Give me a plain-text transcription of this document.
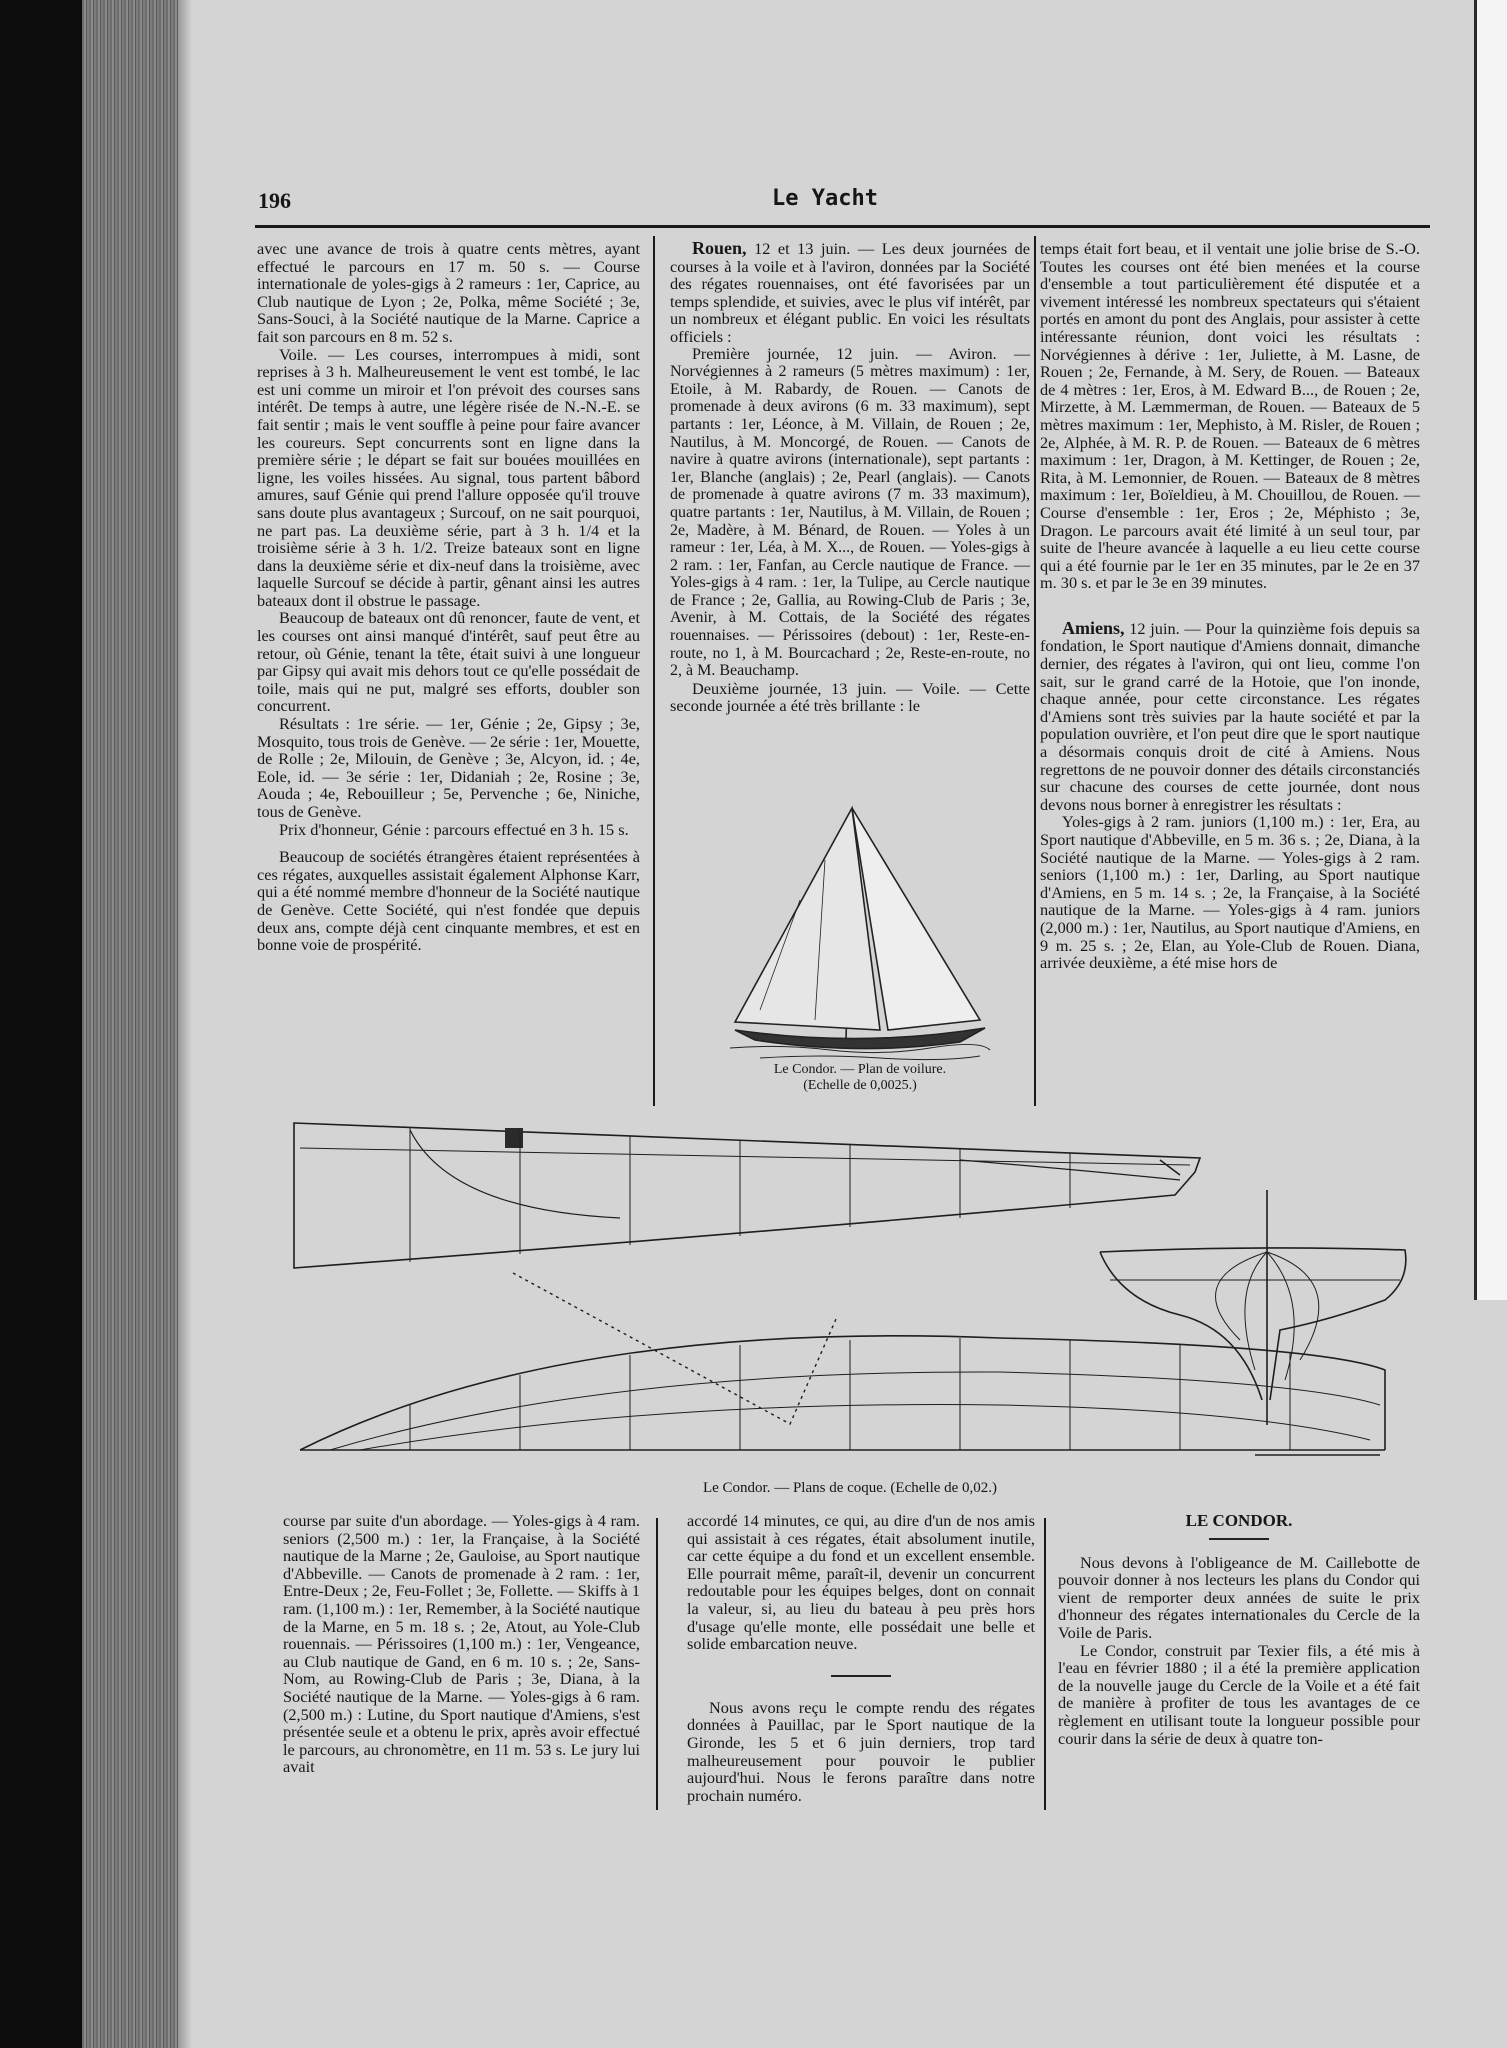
196	Le Yacht

avec une avance de trois à quatre cents mètres, ayant effectué le parcours en 17 m. 50 s. — Course internationale de yoles-gigs à 2 rameurs : 1er, Caprice, au Club nautique de Lyon ; 2e, Polka, même Société ; 3e, Sans-Souci, à la Société nautique de la Marne. Caprice a fait son parcours en 8 m. 52 s.

Voile. — Les courses, interrompues à midi, sont reprises à 3 h. Malheureusement le vent est tombé, le lac est uni comme un miroir et l'on prévoit des courses sans intérêt. De temps à autre, une légère risée de N.-N.-E. se fait sentir ; mais le vent souffle à peine pour faire avancer les coureurs. Sept concurrents sont en ligne dans la première série ; le départ se fait sur bouées mouillées en ligne, les voiles hissées. Au signal, tous partent bâbord amures, sauf Génie qui prend l'allure opposée qu'il trouve sans doute plus avantageux ; Surcouf, on ne sait pourquoi, ne part pas. La deuxième série, part à 3 h. 1/4 et la troisième série à 3 h. 1/2. Treize bateaux sont en ligne dans la deuxième série et dix-neuf dans la troisième, avec laquelle Surcouf se décide à partir, gênant ainsi les autres bateaux dont il obstrue le passage.

Beaucoup de bateaux ont dû renoncer, faute de vent, et les courses ont ainsi manqué d'intérêt, sauf peut être au retour, où Génie, tenant la tête, était suivi à une longueur par Gipsy qui avait mis dehors tout ce qu'elle possédait de toile, mais qui ne put, malgré ses efforts, doubler son concurrent.

Résultats : 1re série. — 1er, Génie ; 2e, Gipsy ; 3e, Mosquito, tous trois de Genève. — 2e série : 1er, Mouette, de Rolle ; 2e, Milouin, de Genève ; 3e, Alcyon, id. ; 4e, Eole, id. — 3e série : 1er, Didaniah ; 2e, Rosine ; 3e, Aouda ; 4e, Rebouilleur ; 5e, Pervenche ; 6e, Niniche, tous de Genève.

Prix d'honneur, Génie : parcours effectué en 3 h. 15 s.

Beaucoup de sociétés étrangères étaient représentées à ces régates, auxquelles assistait également Alphonse Karr, qui a été nommé membre d'honneur de la Société nautique de Genève. Cette Société, qui n'est fondée que depuis deux ans, compte déjà cent cinquante membres, et est en bonne voie de prospérité.

Rouen, 12 et 13 juin. — Les deux journées de courses à la voile et à l'aviron, données par la Société des régates rouennaises, ont été favorisées par un temps splendide, et suivies, avec le plus vif intérêt, par un nombreux et élégant public. En voici les résultats officiels :

Première journée, 12 juin. — Aviron. — Norvégiennes à 2 rameurs (5 mètres maximum) : 1er, Etoile, à M. Rabardy, de Rouen. — Canots de promenade à deux avirons (6 m. 33 maximum), sept partants : 1er, Léonce, à M. Villain, de Rouen ; 2e, Nautilus, à M. Moncorgé, de Rouen. — Canots de navire à quatre avirons (internationale), sept partants : 1er, Blanche (anglais) ; 2e, Pearl (anglais). — Canots de promenade à quatre avirons (7 m. 33 maximum), quatre partants : 1er, Nautilus, à M. Villain, de Rouen ; 2e, Madère, à M. Bénard, de Rouen. — Yoles à un rameur : 1er, Léa, à M. X..., de Rouen. — Yoles-gigs à 2 ram. : 1er, Fanfan, au Cercle nautique de France. — Yoles-gigs à 4 ram. : 1er, la Tulipe, au Cercle nautique de France ; 2e, Gallia, au Rowing-Club de Paris ; 3e, Avenir, à M. Cottais, de la Société des régates rouennaises. — Périssoires (debout) : 1er, Reste-en-route, no 1, à M. Bourcachard ; 2e, Reste-en-route, no 2, à M. Beauchamp.

Deuxième journée, 13 juin. — Voile. — Cette seconde journée a été très brillante : le

temps était fort beau, et il ventait une jolie brise de S.-O. Toutes les courses ont été bien menées et la course d'ensemble a tout particulièrement été disputée et a vivement intéressé les nombreux spectateurs qui s'étaient portés en amont du pont des Anglais, pour assister à cette intéressante réunion, dont voici les résultats : Norvégiennes à dérive : 1er, Juliette, à M. Lasne, de Rouen ; 2e, Fernande, à M. Sery, de Rouen. — Bateaux de 4 mètres : 1er, Eros, à M. Edward B..., de Rouen ; 2e, Mirzette, à M. Læmmerman, de Rouen. — Bateaux de 5 mètres maximum : 1er, Mephisto, à M. Risler, de Rouen ; 2e, Alphée, à M. R. P. de Rouen. — Bateaux de 6 mètres maximum : 1er, Dragon, à M. Kettinger, de Rouen ; 2e, Rita, à M. Lemonnier, de Rouen. — Bateaux de 8 mètres maximum : 1er, Boïeldieu, à M. Chouillou, de Rouen. — Course d'ensemble : 1er, Eros ; 2e, Méphisto ; 3e, Dragon. Le parcours avait été limité à un seul tour, par suite de l'heure avancée à laquelle a eu lieu cette course qui a été fournie par le 1er en 35 minutes, par le 2e en 37 m. 30 s. et par le 3e en 39 minutes.

Amiens, 12 juin. — Pour la quinzième fois depuis sa fondation, le Sport nautique d'Amiens donnait, dimanche dernier, des régates à l'aviron, qui ont lieu, comme l'on sait, sur le grand carré de la Hotoie, que l'on inonde, chaque année, pour cette circonstance. Les régates d'Amiens sont très suivies par la haute société et par la population ouvrière, et l'on peut dire que le sport nautique a désormais conquis droit de cité à Amiens. Nous regrettons de ne pouvoir donner des détails circonstanciés sur chacune des courses de cette journée, dont nous devons nous borner à enregistrer les résultats :

Yoles-gigs à 2 ram. juniors (1,100 m.) : 1er, Era, au Sport nautique d'Abbeville, en 5 m. 36 s. ; 2e, Diana, à la Société nautique de la Marne. — Yoles-gigs à 2 ram. seniors (1,100 m.) : 1er, Darling, au Sport nautique d'Amiens, en 5 m. 14 s. ; 2e, la Française, à la Société nautique de la Marne. — Yoles-gigs à 4 ram. juniors (2,000 m.) : 1er, Nautilus, au Sport nautique d'Amiens, en 9 m. 25 s. ; 2e, Elan, au Yole-Club de Rouen. Diana, arrivée deuxième, a été mise hors de

Le Condor. — Plan de voilure.
(Echelle de 0,0025.)
Le Condor. — Plans de coque. (Echelle de 0,02.)

course par suite d'un abordage. — Yoles-gigs à 4 ram. seniors (2,500 m.) : 1er, la Française, à la Société nautique de la Marne ; 2e, Gauloise, au Sport nautique d'Abbeville. — Canots de promenade à 2 ram. : 1er, Entre-Deux ; 2e, Feu-Follet ; 3e, Follette. — Skiffs à 1 ram. (1,100 m.) : 1er, Remember, à la Société nautique de la Marne, en 5 m. 18 s. ; 2e, Atout, au Yole-Club rouennais. — Périssoires (1,100 m.) : 1er, Vengeance, au Club nautique de Gand, en 6 m. 10 s. ; 2e, Sans-Nom, au Rowing-Club de Paris ; 3e, Diana, à la Société nautique de la Marne. — Yoles-gigs à 6 ram. (2,500 m.) : Lutine, du Sport nautique d'Amiens, s'est présentée seule et a obtenu le prix, après avoir effectué le parcours, au chronomètre, en 11 m. 53 s. Le jury lui avait

accordé 14 minutes, ce qui, au dire d'un de nos amis qui assistait à ces régates, était absolument inutile, car cette équipe a du fond et un excellent ensemble. Elle pourrait même, paraît-il, devenir un concurrent redoutable pour les équipes belges, dont on connait la valeur, si, au lieu du bateau à peu près hors d'usage qu'elle monte, elle possédait une belle et solide embarcation neuve.

Nous avons reçu le compte rendu des régates données à Pauillac, par le Sport nautique de la Gironde, les 5 et 6 juin derniers, trop tard malheureusement pour pouvoir le publier aujourd'hui. Nous le ferons paraître dans notre prochain numéro.

LE CONDOR.

Nous devons à l'obligeance de M. Caillebotte de pouvoir donner à nos lecteurs les plans du Condor qui vient de remporter deux années de suite le prix d'honneur des régates internationales du Cercle de la Voile de Paris.

Le Condor, construit par Texier fils, a été mis à l'eau en février 1880 ; il a été la première application de la nouvelle jauge du Cercle de la Voile et a été fait de manière à profiter de tous les avantages de ce règlement en utilisant toute la longueur possible pour courir dans la série de deux à quatre ton-
